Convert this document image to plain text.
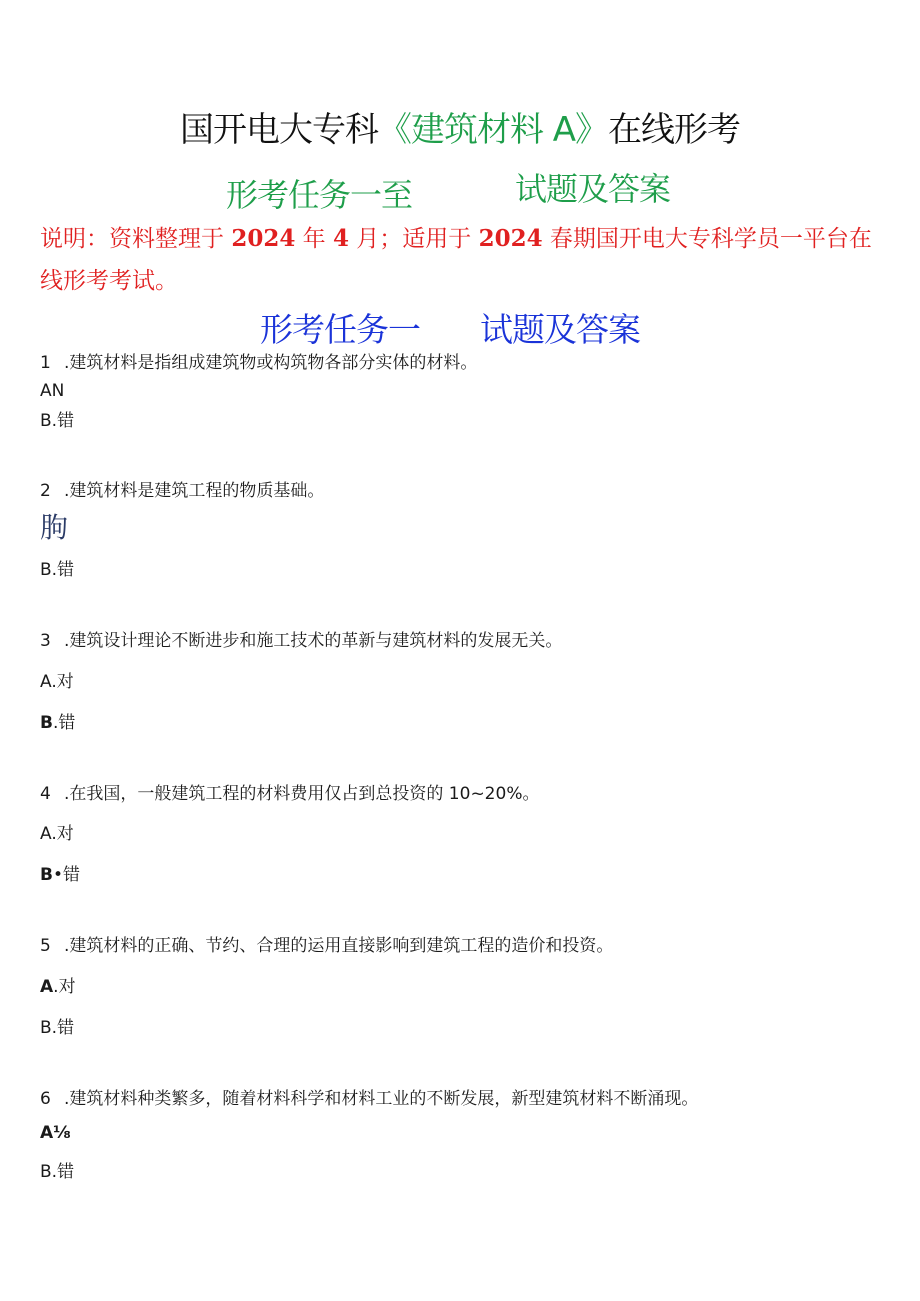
国开电大专科《建筑材料 A》在线形考
形考任务一至	试题及答案
说明：资料整理于 2024 年 4 月；适用于 2024 春期国开电大专科学员一平台在线形考考试。
形考任务一 试题及答案
1 .建筑材料是指组成建筑物或构筑物各部分实体的材料。
AN
B.错
2 .建筑材料是建筑工程的物质基础。
朐
B.错
3 .建筑设计理论不断进步和施工技术的革新与建筑材料的发展无关。
A.对
B.错
4 .在我国，一般建筑工程的材料费用仅占到总投资的 10~20%。
A.对
B•错
5 .建筑材料的正确、节约、合理的运用直接影响到建筑工程的造价和投资。
A.对
B.错
6 .建筑材料种类繁多，随着材料科学和材料工业的不断发展，新型建筑材料不断涌现。
A⅛
B.错
